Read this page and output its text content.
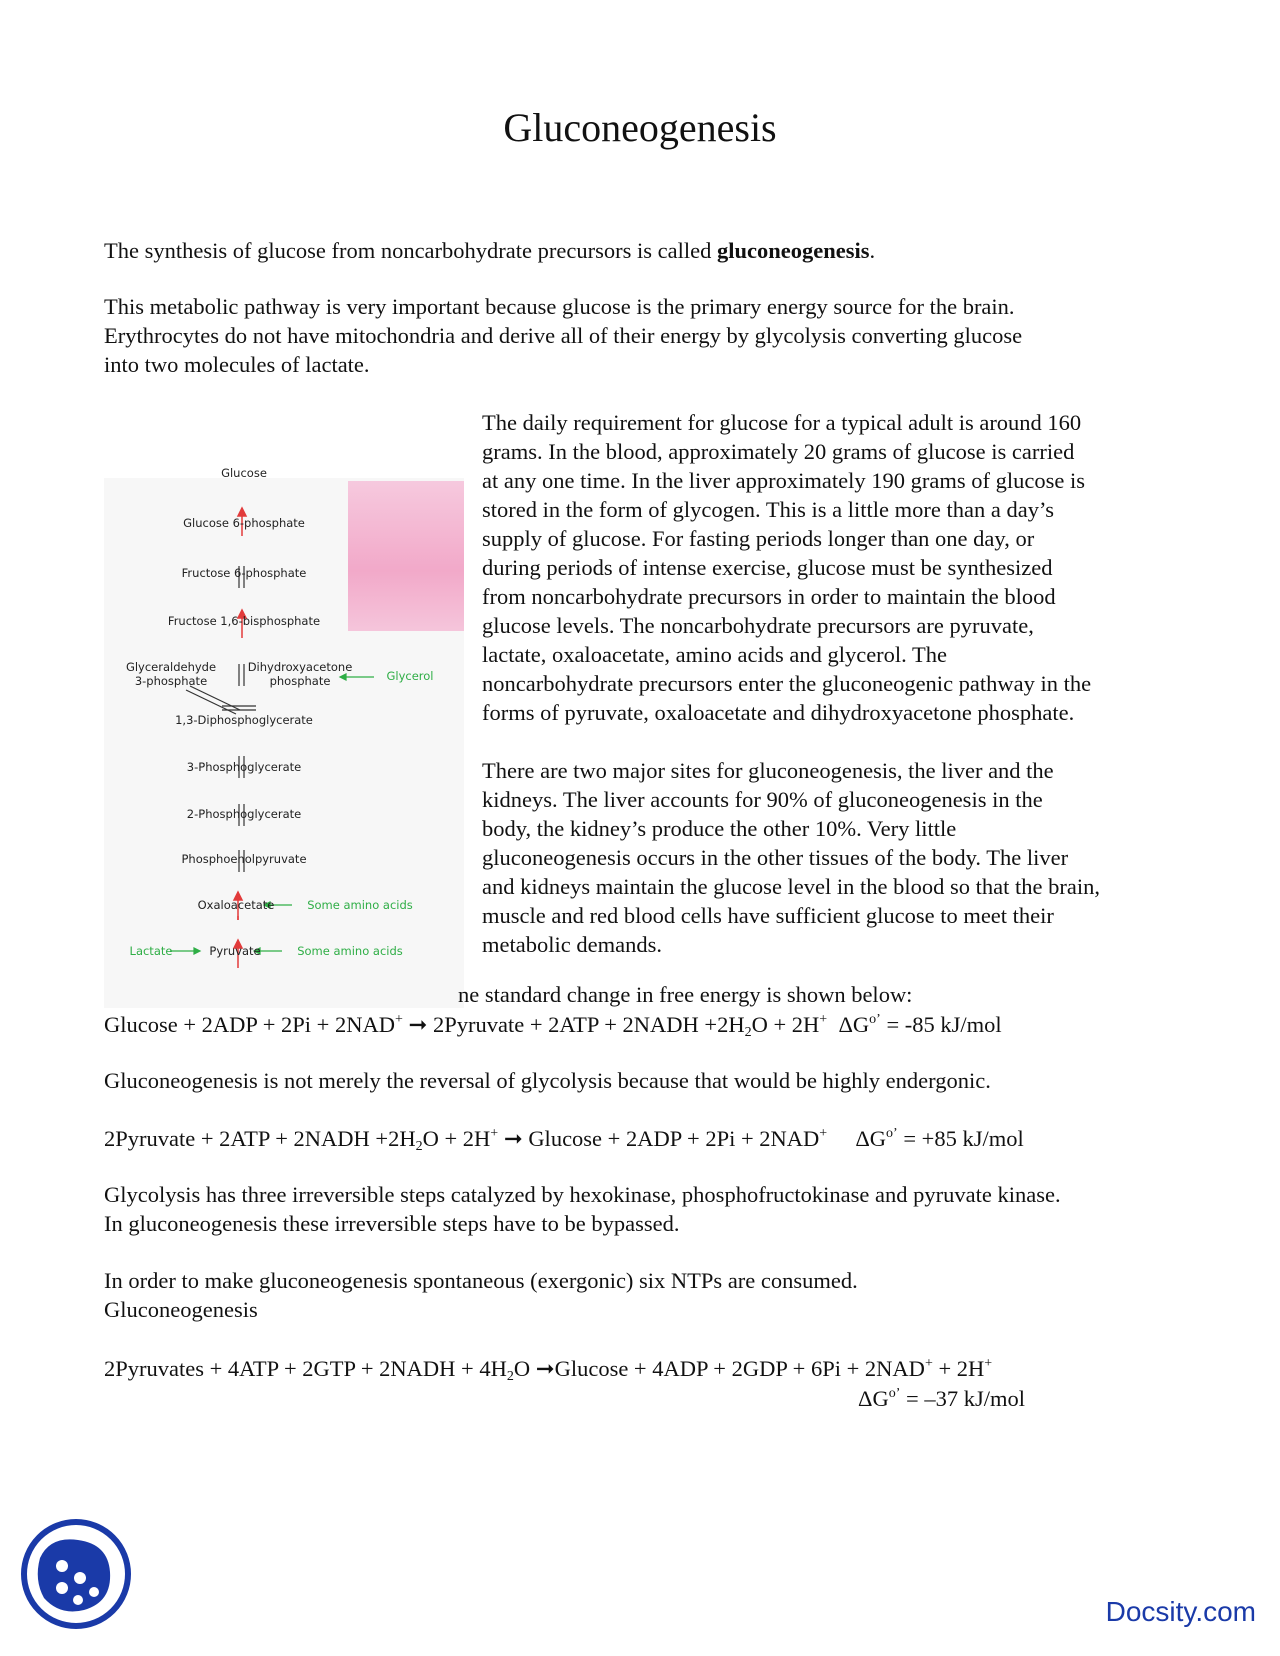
Gluconeogenesis

The synthesis of glucose from noncarbohydrate precursors is called gluconeogenesis.

This metabolic pathway is very important because glucose is the primary energy source for the brain.
Erythrocytes do not have mitochondria and derive all of their energy by glycolysis converting glucose
into two molecules of lactate.
The daily requirement for glucose for a typical adult is around 160
grams. In the blood, approximately 20 grams of glucose is carried
at any one time. In the liver approximately 190 grams of glucose is
stored in the form of glycogen. This is a little more than a day’s
supply of glucose. For fasting periods longer than one day, or
during periods of intense exercise, glucose must be synthesized
from noncarbohydrate precursors in order to maintain the blood
glucose levels. The noncarbohydrate precursors are pyruvate,
lactate, oxaloacetate, amino acids and glycerol. The
noncarbohydrate precursors enter the gluconeogenic pathway in the
forms of pyruvate, oxaloacetate and dihydroxyacetone phosphate.
There are two major sites for gluconeogenesis, the liver and the
kidneys. The liver accounts for 90% of gluconeogenesis in the
body, the kidney’s produce the other 10%. Very little
gluconeogenesis occurs in the other tissues of the body. The liver
and kidneys maintain the glucose level in the blood so that the brain,
muscle and red blood cells have sufficient glucose to meet their
metabolic demands.
Glucose
Glucose 6-phosphate
Fructose 6-phosphate
Fructose 1,6-bisphosphate
Glyceraldehyde
3-phosphate
Dihydroxyacetone
phosphate	Glycerol
1,3-Diphosphoglycerate
3-Phosphoglycerate
2-Phosphoglycerate
Phosphoenolpyruvate
Oxaloacetate	Some amino acids
Lactate	Pyruvate	Some amino acids
ne standard change in free energy is shown below:
Glucose + 2ADP + 2Pi + 2NAD+ ➞ 2Pyruvate + 2ATP + 2NADH $+2H_2O + 2H^+$ $\Delta G^{o’} = -85$ kJ/mol
Gluconeogenesis is not merely the reversal of glycolysis because that would be highly endergonic.
2Pyruvate + 2ATP + 2NADH $+2H_2O + 2H^+$ ➞ Glucose + 2ADP + 2Pi + 2NAD+ $\Delta G^{o’} = +85$ kJ/mol
Glycolysis has three irreversible steps catalyzed by hexokinase, phosphofructokinase and pyruvate kinase.
In gluconeogenesis these irreversible steps have to be bypassed.
In order to make gluconeogenesis spontaneous (exergonic) six NTPs are consumed.
Gluconeogenesis
2Pyruvates + 4ATP + 2GTP + 2NADH + $4H_2O$ ➞Glucose + 4ADP + 2GDP + 6Pi + 2NAD+ + 2H+
$\Delta G^{o’} = -37$ kJ/mol
Docsity.com
